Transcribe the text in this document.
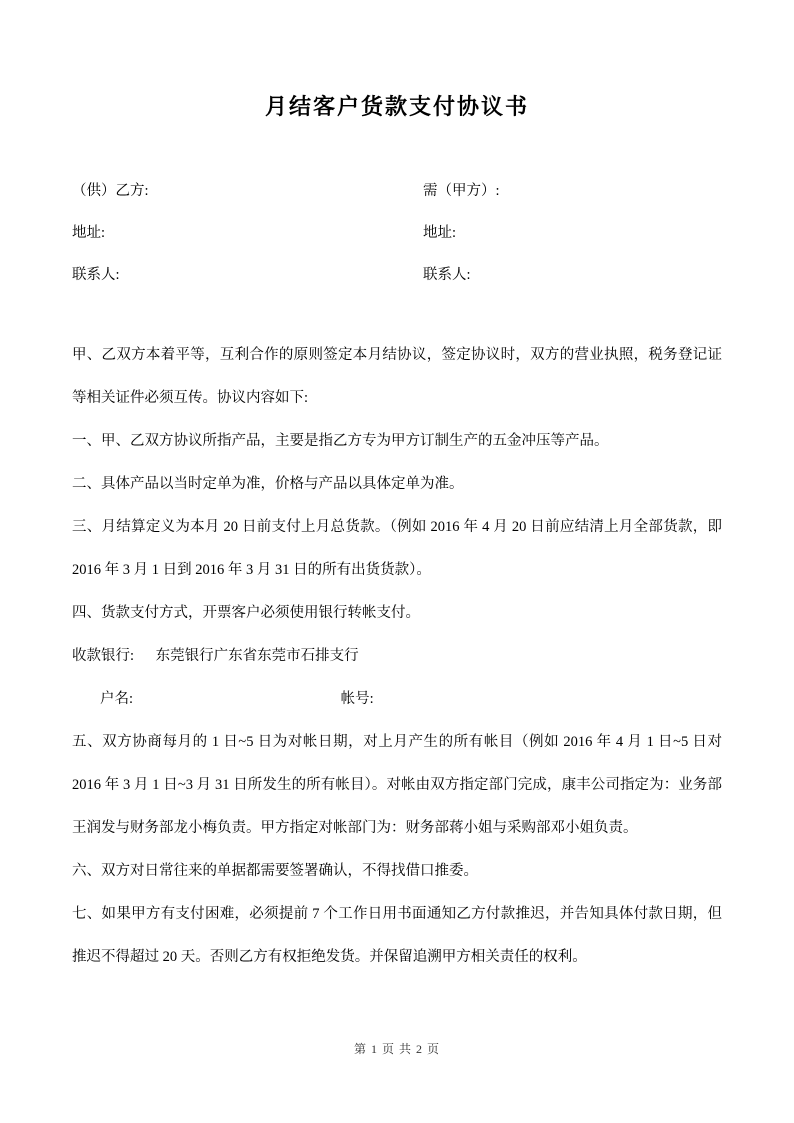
月结客户货款支付协议书
（供）乙方:	需（甲方）:
地址:	地址:
联系人:	联系人:

甲、乙双方本着平等，互利合作的原则签定本月结协议，签定协议时，双方的营业执照，税务登记证等相关证件必须互传。协议内容如下:

一、甲、乙双方协议所指产品，主要是指乙方专为甲方订制生产的五金冲压等产品。

二、具体产品以当时定单为准，价格与产品以具体定单为准。

三、月结算定义为本月 20 日前支付上月总货款。（例如 2016 年 4 月 20 日前应结清上月全部货款，即 2016 年 3 月 1 日到 2016 年 3 月 31 日的所有出货货款）。

四、货款支付方式，开票客户必须使用银行转帐支付。

收款银行: 东莞银行广东省东莞市石排支行
户名:	帐号:

五、双方协商每月的 1 日~5 日为对帐日期，对上月产生的所有帐目（例如 2016 年 4 月 1 日~5 日对 2016 年 3 月 1 日~3 月 31 日所发生的所有帐目）。对帐由双方指定部门完成，康丰公司指定为：业务部王润发与财务部龙小梅负责。甲方指定对帐部门为：财务部蒋小姐与采购部邓小姐负责。

六、双方对日常往来的单据都需要签署确认，不得找借口推委。

七、如果甲方有支付困难，必须提前 7 个工作日用书面通知乙方付款推迟，并告知具体付款日期，但推迟不得超过 20 天。否则乙方有权拒绝发货。并保留追溯甲方相关责任的权利。

第 1 页 共 2 页
